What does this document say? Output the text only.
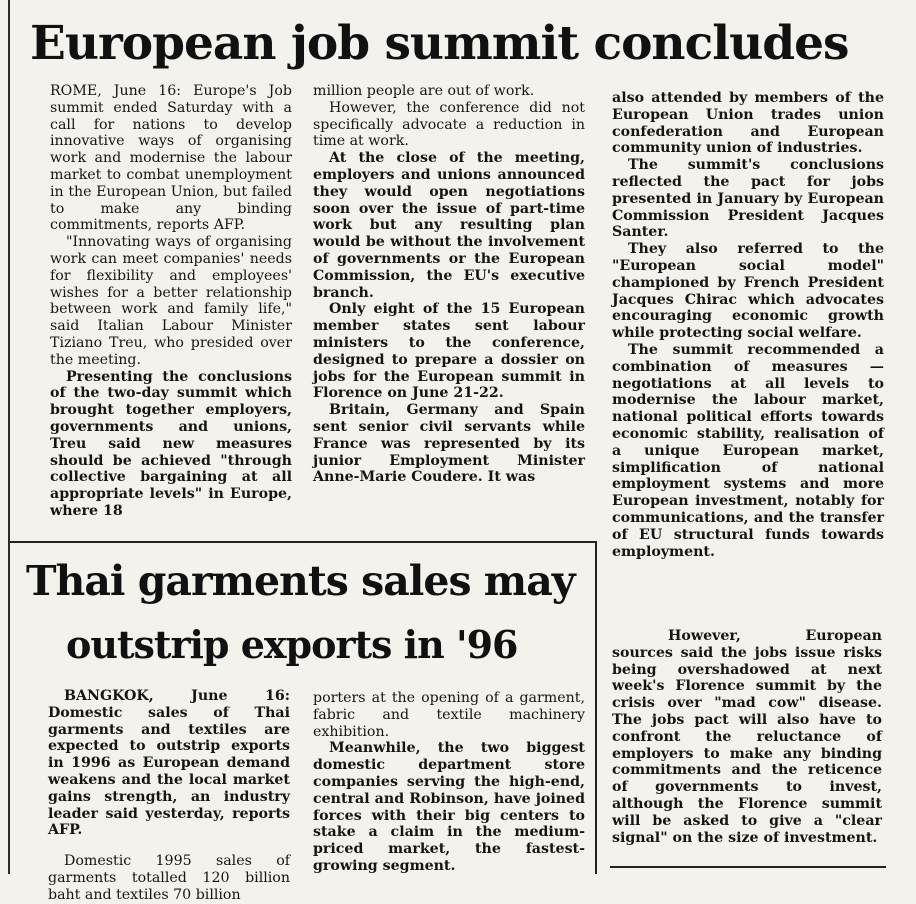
European job summit concludes

ROME, June 16: Europe's Job summit ended Saturday with a call for nations to develop innovative ways of organising work and modernise the labour market to combat unemployment in the European Union, but failed to make any binding commitments, reports AFP.

"Innovating ways of organising work can meet companies' needs for flexibility and employees' wishes for a better relationship between work and family life," said Italian Labour Minister Tiziano Treu, who presided over the meeting.

Presenting the conclusions of the two-day summit which brought together employers, governments and unions, Treu said new measures should be achieved "through collective bargaining at all appropriate levels" in Europe, where 18

million people are out of work.

However, the conference did not specifically advocate a reduction in time at work.

At the close of the meeting, employers and unions announced they would open negotiations soon over the issue of part-time work but any resulting plan would be without the involvement of governments or the European Commission, the EU's executive branch.

Only eight of the 15 European member states sent labour ministers to the conference, designed to prepare a dossier on jobs for the European summit in Florence on June 21-22.

Britain, Germany and Spain sent senior civil servants while France was represented by its junior Employment Minister Anne-Marie Coudere. It was

also attended by members of the European Union trades union confederation and European community union of industries.

The summit's conclusions reflected the pact for jobs presented in January by European Commission President Jacques Santer.

They also referred to the "European social model" championed by French President Jacques Chirac which advocates encouraging economic growth while protecting social welfare.

The summit recommended a combination of measures — negotiations at all levels to modernise the labour market, national political efforts towards economic stability, realisation of a unique European market, simplification of national employment systems and more European investment, notably for communications, and the transfer of EU structural funds towards employment.

However, European sources said the jobs issue risks being overshadowed at next week's Florence summit by the crisis over "mad cow" disease. The jobs pact will also have to confront the reluctance of employers to make any binding commitments and the reticence of governments to invest, although the Florence summit will be asked to give a "clear signal" on the size of investment.

Thai garments sales may
outstrip exports in '96

BANGKOK, June 16: Domestic sales of Thai garments and textiles are expected to outstrip exports in 1996 as European demand weakens and the local market gains strength, an industry leader said yesterday, reports AFP.

Domestic 1995 sales of garments totalled 120 billion baht and textiles 70 billion

porters at the opening of a garment, fabric and textile machinery exhibition.

Meanwhile, the two biggest domestic department store companies serving the high-end, central and Robinson, have joined forces with their big centers to stake a claim in the medium-priced market, the fastest-growing segment.
